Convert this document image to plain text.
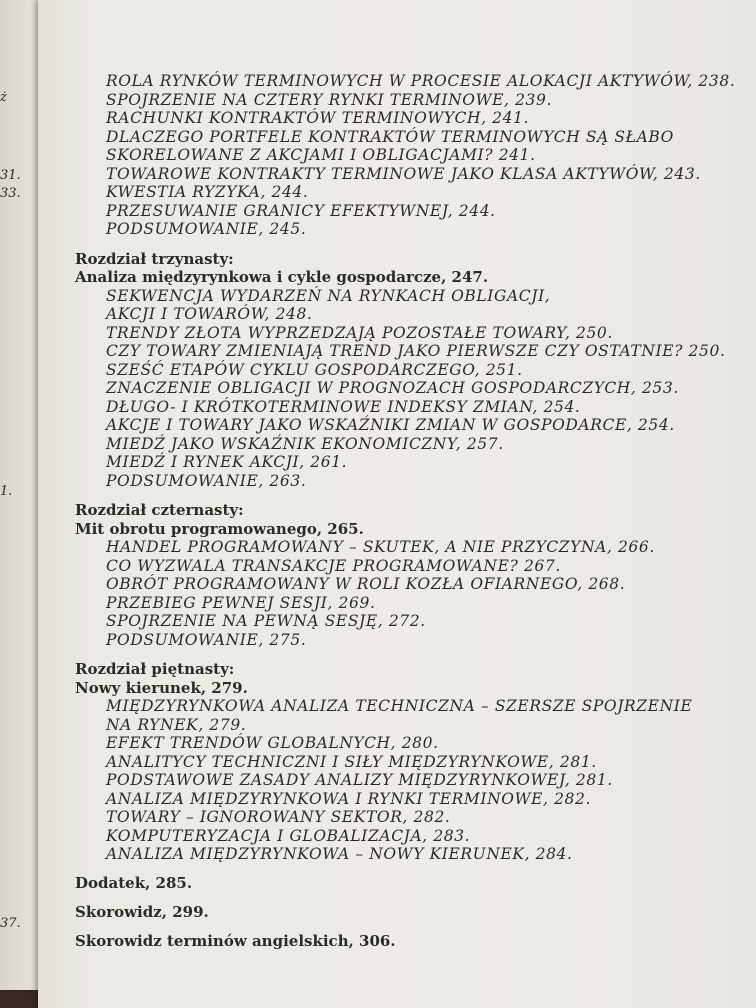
ż
31.
33.
1.
37.
ROLA RYNKÓW TERMINOWYCH W PROCESIE ALOKACJI AKTYWÓW, 238.
SPOJRZENIE NA CZTERY RYNKI TERMINOWE, 239.
RACHUNKI KONTRAKTÓW TERMINOWYCH, 241.
DLACZEGO PORTFELE KONTRAKTÓW TERMINOWYCH SĄ SŁABO
SKORELOWANE Z AKCJAMI I OBLIGACJAMI? 241.
TOWAROWE KONTRAKTY TERMINOWE JAKO KLASA AKTYWÓW, 243.
KWESTIA RYZYKA, 244.
PRZESUWANIE GRANICY EFEKTYWNEJ, 244.
PODSUMOWANIE, 245.
Rozdział trzynasty:
Analiza międzyrynkowa i cykle gospodarcze, 247.
SEKWENCJA WYDARZEŃ NA RYNKACH OBLIGACJI,
AKCJI I TOWARÓW, 248.
TRENDY ZŁOTA WYPRZEDZAJĄ POZOSTAŁE TOWARY, 250.
CZY TOWARY ZMIENIAJĄ TREND JAKO PIERWSZE CZY OSTATNIE? 250.
SZEŚĆ ETAPÓW CYKLU GOSPODARCZEGO, 251.
ZNACZENIE OBLIGACJI W PROGNOZACH GOSPODARCZYCH, 253.
DŁUGO- I KRÓTKOTERMINOWE INDEKSY ZMIAN, 254.
AKCJE I TOWARY JAKO WSKAŹNIKI ZMIAN W GOSPODARCE, 254.
MIEDŹ JAKO WSKAŹNIK EKONOMICZNY, 257.
MIEDŹ I RYNEK AKCJI, 261.
PODSUMOWANIE, 263.
Rozdział czternasty:
Mit obrotu programowanego, 265.
HANDEL PROGRAMOWANY – SKUTEK, A NIE PRZYCZYNA, 266.
CO WYZWALA TRANSAKCJE PROGRAMOWANE? 267.
OBRÓT PROGRAMOWANY W ROLI KOZŁA OFIARNEGO, 268.
PRZEBIEG PEWNEJ SESJI, 269.
SPOJRZENIE NA PEWNĄ SESJĘ, 272.
PODSUMOWANIE, 275.
Rozdział piętnasty:
Nowy kierunek, 279.
MIĘDZYRYNKOWA ANALIZA TECHNICZNA – SZERSZE SPOJRZENIE
NA RYNEK, 279.
EFEKT TRENDÓW GLOBALNYCH, 280.
ANALITYCY TECHNICZNI I SIŁY MIĘDZYRYNKOWE, 281.
PODSTAWOWE ZASADY ANALIZY MIĘDZYRYNKOWEJ, 281.
ANALIZA MIĘDZYRYNKOWA I RYNKI TERMINOWE, 282.
TOWARY – IGNOROWANY SEKTOR, 282.
KOMPUTERYZACJA I GLOBALIZACJA, 283.
ANALIZA MIĘDZYRYNKOWA – NOWY KIERUNEK, 284.
Dodatek, 285.
Skorowidz, 299.
Skorowidz terminów angielskich, 306.
